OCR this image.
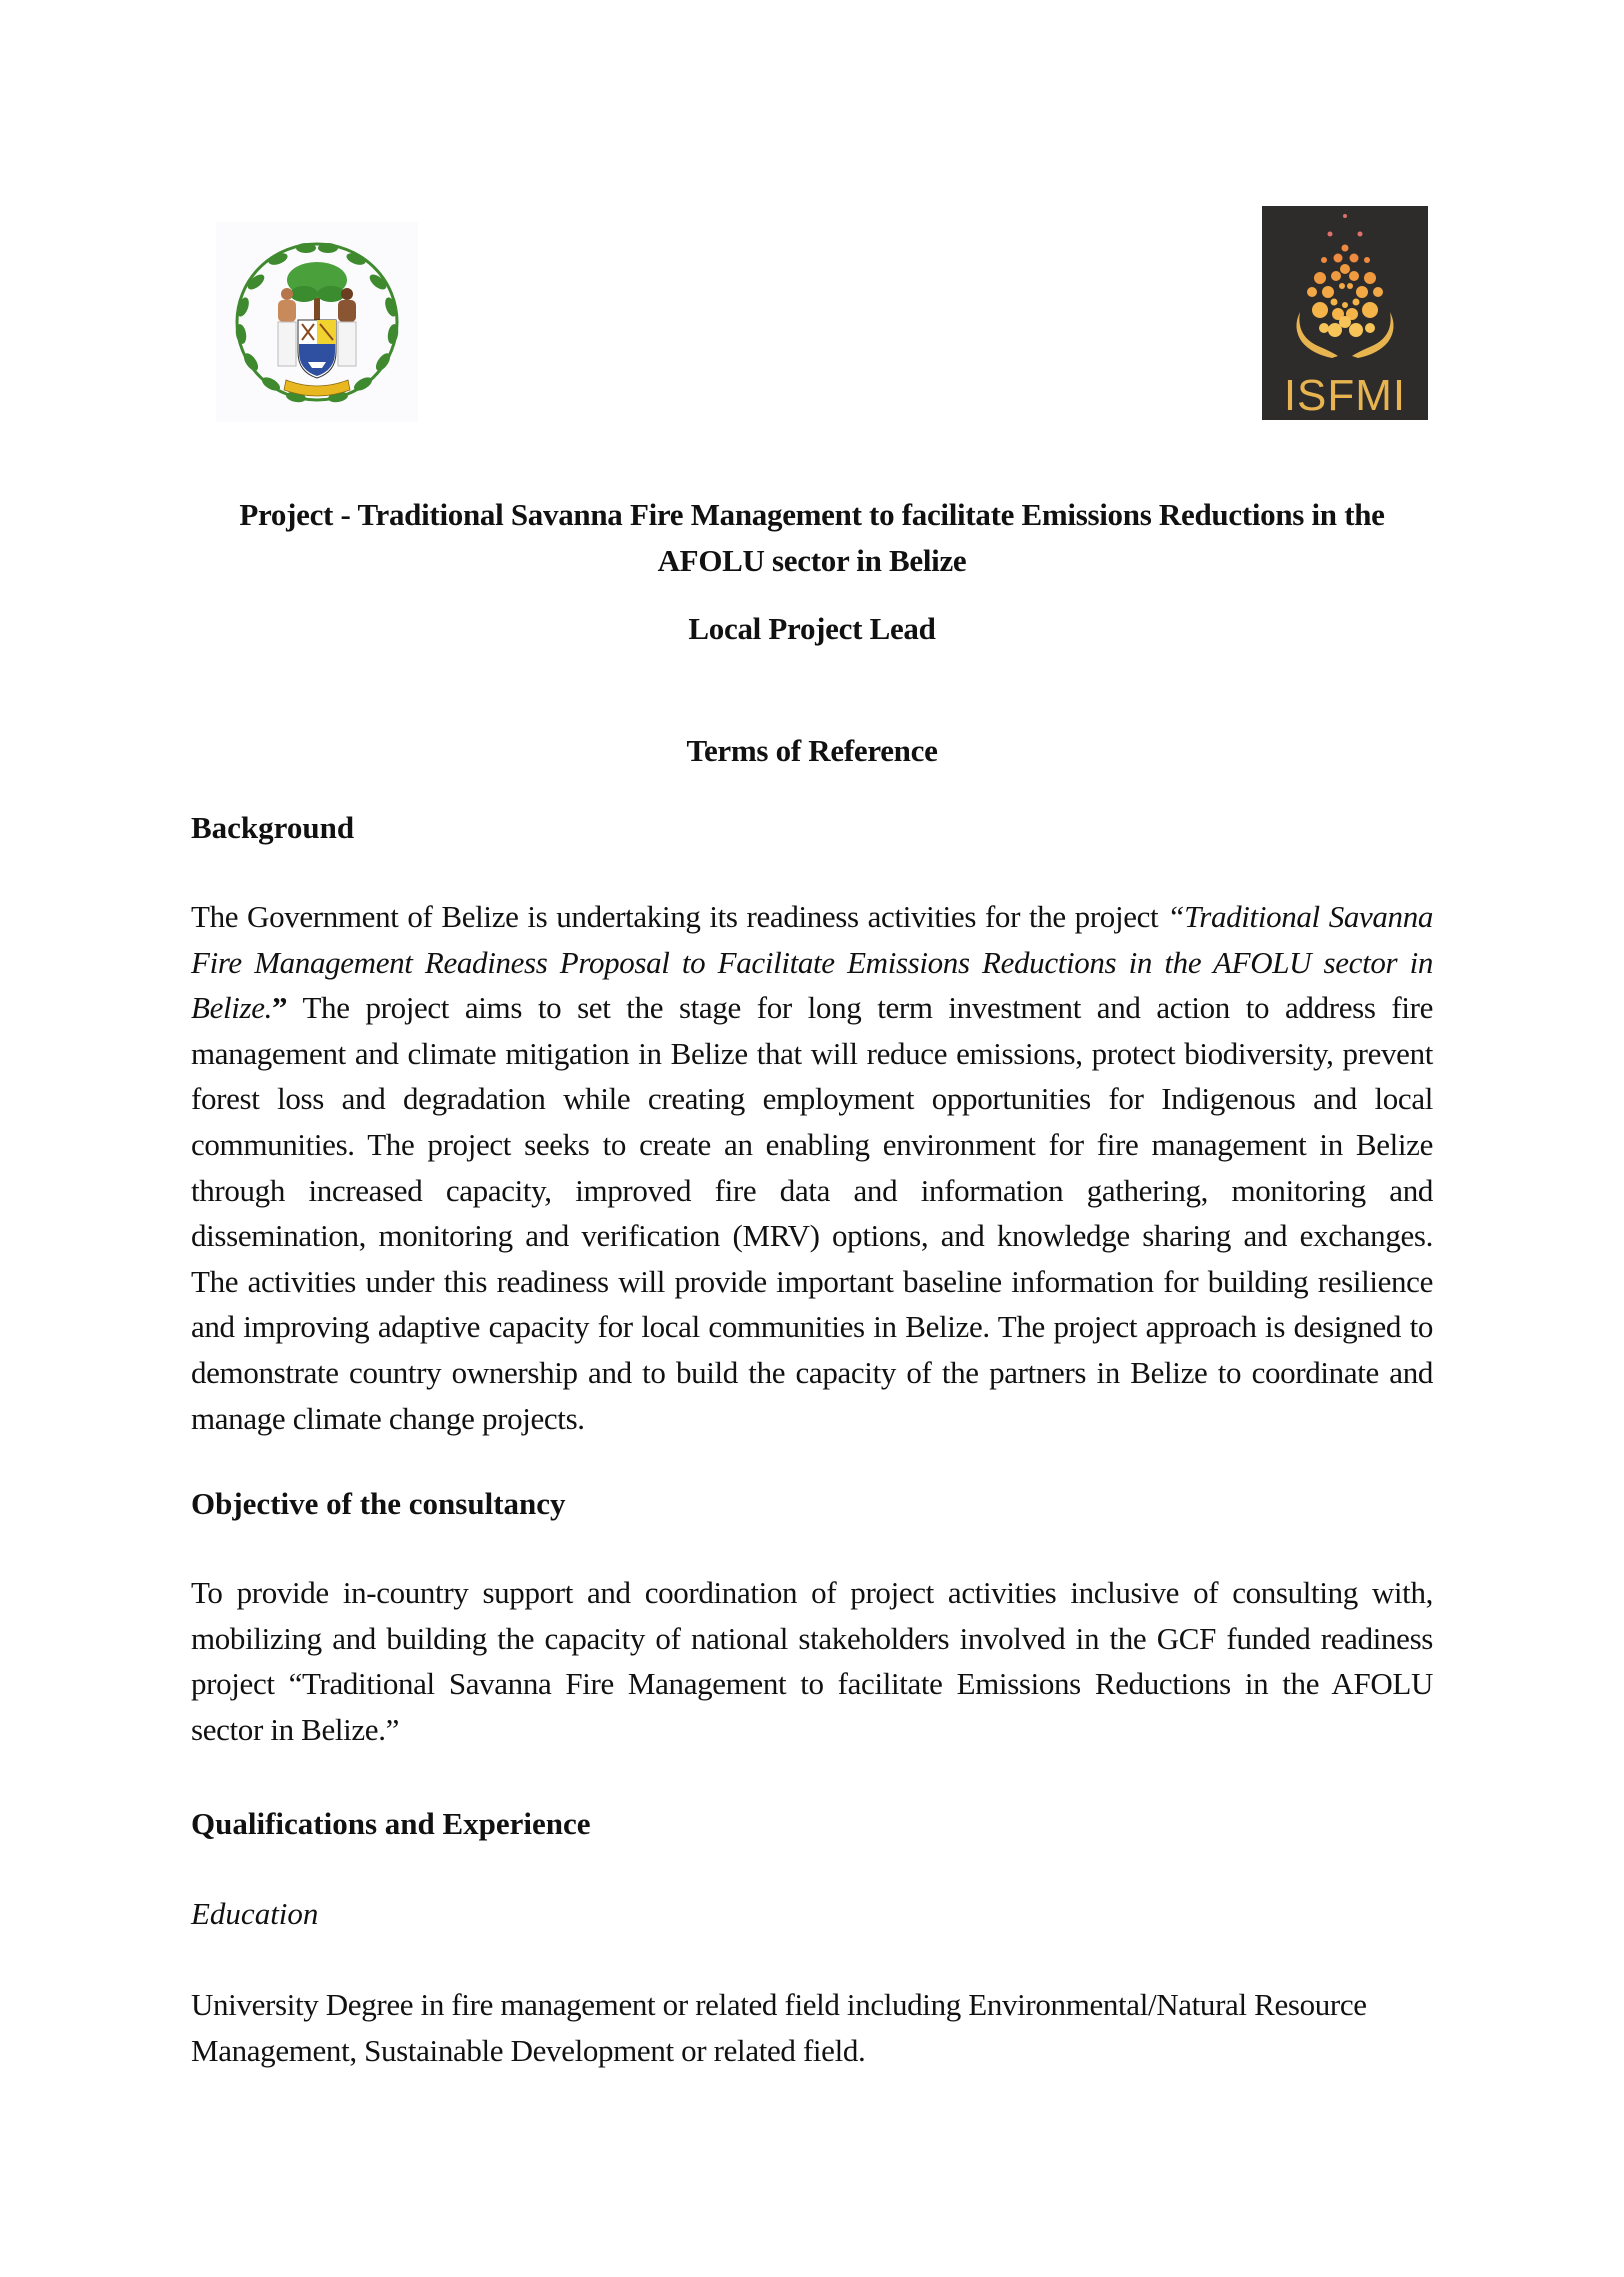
ISFMI
Project - Traditional Savanna Fire Management to facilitate Emissions Reductions in the
AFOLU sector in Belize
Local Project Lead
Terms of Reference
Background
The Government of Belize is undertaking its readiness activities for the project “Traditional Savanna Fire Management Readiness Proposal to Facilitate Emissions Reductions in the AFOLU sector in Belize.” The project aims to set the stage for long term investment and action to address fire management and climate mitigation in Belize that will reduce emissions, protect biodiversity, prevent forest loss and degradation while creating employment opportunities for Indigenous and local communities. The project seeks to create an enabling environment for fire management in Belize through increased capacity, improved fire data and information gathering, monitoring and dissemination, monitoring and verification (MRV) options, and knowledge sharing and exchanges. The activities under this readiness will provide important baseline information for building resilience and improving adaptive capacity for local communities in Belize. The project approach is designed to demonstrate country ownership and to build the capacity of the partners in Belize to coordinate and manage climate change projects.
Objective of the consultancy
To provide in-country support and coordination of project activities inclusive of consulting with, mobilizing and building the capacity of national stakeholders involved in the GCF funded readiness project “Traditional Savanna Fire Management to facilitate Emissions Reductions in the AFOLU sector in Belize.”
Qualifications and Experience
Education
University Degree in fire management or related field including Environmental/Natural Resource Management, Sustainable Development or related field.
